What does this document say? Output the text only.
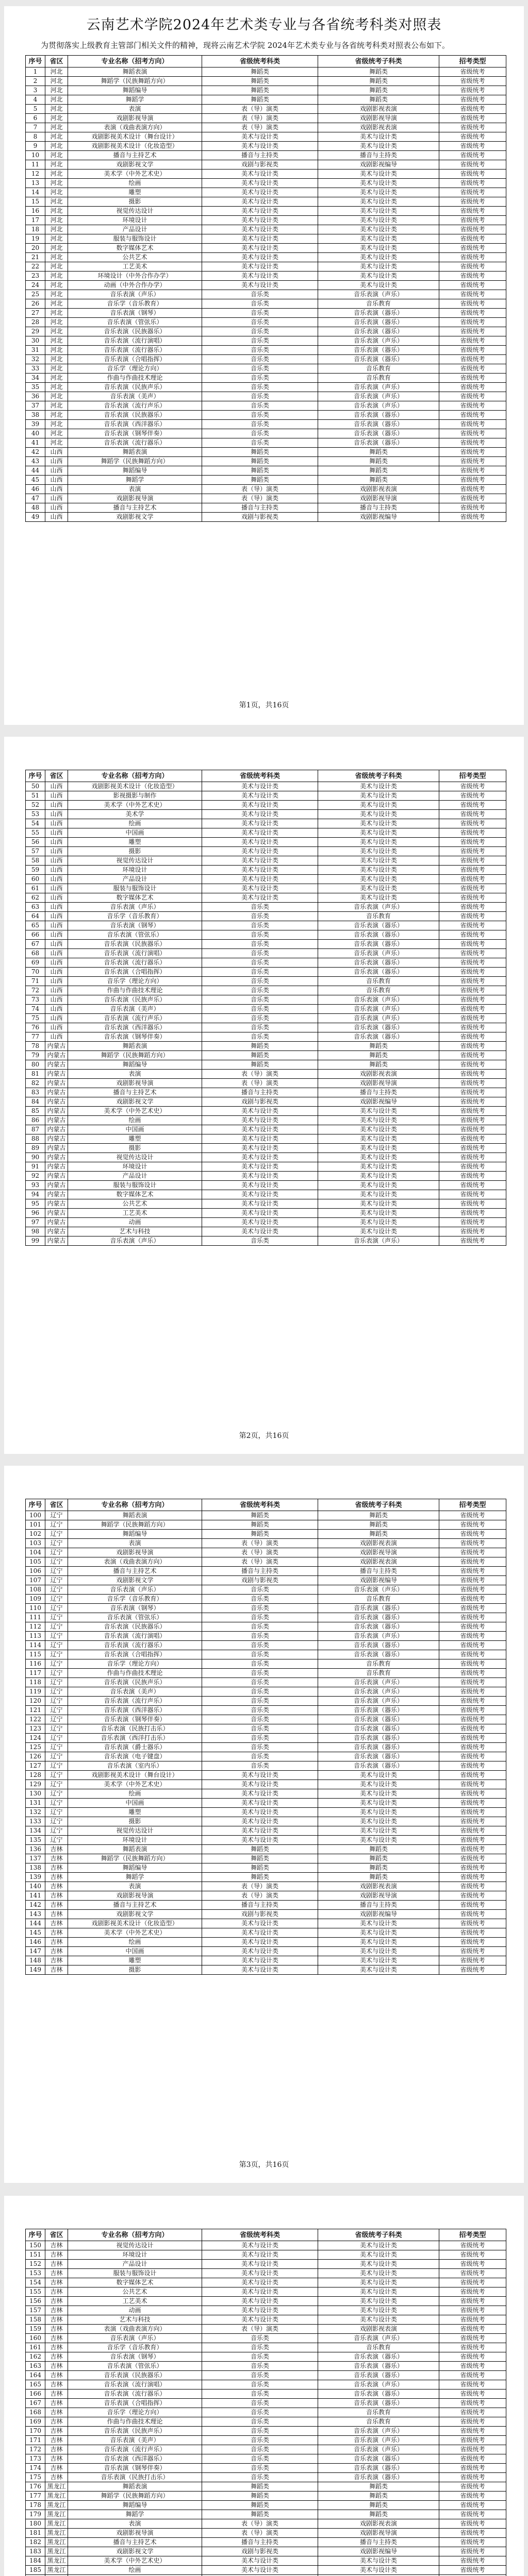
云南艺术学院2024年艺术类专业与各省统考科类对照表

为贯彻落实上级教育主管部门相关文件的精神，现将云南艺术学院 2024年艺术类专业与各省统考科类对照表公布如下。

序号	省区	专业名称（招考方向）	省级统考科类	省级统考子科类	招考类型
1	河北	舞蹈表演	舞蹈类	舞蹈类	省级统考
2	河北	舞蹈学（民族舞蹈方向）	舞蹈类	舞蹈类	省级统考
3	河北	舞蹈编导	舞蹈类	舞蹈类	省级统考
4	河北	舞蹈学	舞蹈类	舞蹈类	省级统考
5	河北	表演	表（导）演类	戏剧影视表演	省级统考
6	河北	戏剧影视导演	表（导）演类	戏剧影视导演	省级统考
7	河北	表演（戏曲表演方向）	表（导）演类	戏剧影视表演	省级统考
8	河北	戏剧影视美术设计（舞台设计）	美术与设计类	美术与设计类	省级统考
9	河北	戏剧影视美术设计（化妆造型）	美术与设计类	美术与设计类	省级统考
10	河北	播音与主持艺术	播音与主持类	播音与主持类	省级统考
11	河北	戏剧影视文学	戏剧与影视类	戏剧影视编导	省级统考
12	河北	美术学（中外艺术史）	美术与设计类	美术与设计类	省级统考
13	河北	绘画	美术与设计类	美术与设计类	省级统考
14	河北	雕塑	美术与设计类	美术与设计类	省级统考
15	河北	摄影	美术与设计类	美术与设计类	省级统考
16	河北	视觉传达设计	美术与设计类	美术与设计类	省级统考
17	河北	环境设计	美术与设计类	美术与设计类	省级统考
18	河北	产品设计	美术与设计类	美术与设计类	省级统考
19	河北	服装与服饰设计	美术与设计类	美术与设计类	省级统考
20	河北	数字媒体艺术	美术与设计类	美术与设计类	省级统考
21	河北	公共艺术	美术与设计类	美术与设计类	省级统考
22	河北	工艺美术	美术与设计类	美术与设计类	省级统考
23	河北	环境设计（中外合作办学）	美术与设计类	美术与设计类	省级统考
24	河北	动画（中外合作办学）	美术与设计类	美术与设计类	省级统考
25	河北	音乐表演（声乐）	音乐类	音乐表演（声乐）	省级统考
26	河北	音乐学（音乐教育）	音乐类	音乐教育	省级统考
27	河北	音乐表演（钢琴）	音乐类	音乐表演（器乐）	省级统考
28	河北	音乐表演（管弦乐）	音乐类	音乐表演（器乐）	省级统考
29	河北	音乐表演（民族器乐）	音乐类	音乐表演（器乐）	省级统考
30	河北	音乐表演（流行演唱）	音乐类	音乐表演（声乐）	省级统考
31	河北	音乐表演（流行器乐）	音乐类	音乐表演（器乐）	省级统考
32	河北	音乐表演（合唱指挥）	音乐类	音乐表演（器乐）	省级统考
33	河北	音乐学（理论方向）	音乐类	音乐教育	省级统考
34	河北	作曲与作曲技术理论	音乐类	音乐教育	省级统考
35	河北	音乐表演（民族声乐）	音乐类	音乐表演（声乐）	省级统考
36	河北	音乐表演（美声）	音乐类	音乐表演（声乐）	省级统考
37	河北	音乐表演（流行声乐）	音乐类	音乐表演（声乐）	省级统考
38	河北	音乐表演（民族器乐）	音乐类	音乐表演（器乐）	省级统考
39	河北	音乐表演（西洋器乐）	音乐类	音乐表演（器乐）	省级统考
40	河北	音乐表演（钢琴伴奏）	音乐类	音乐表演（器乐）	省级统考
41	河北	音乐表演（流行器乐）	音乐类	音乐表演（器乐）	省级统考
42	山西	舞蹈表演	舞蹈类	舞蹈类	省级统考
43	山西	舞蹈学（民族舞蹈方向）	舞蹈类	舞蹈类	省级统考
44	山西	舞蹈编导	舞蹈类	舞蹈类	省级统考
45	山西	舞蹈学	舞蹈类	舞蹈类	省级统考
46	山西	表演	表（导）演类	戏剧影视表演	省级统考
47	山西	戏剧影视导演	表（导）演类	戏剧影视导演	省级统考
48	山西	播音与主持艺术	播音与主持类	播音与主持类	省级统考
49	山西	戏剧影视文学	戏剧与影视类	戏剧影视编导	省级统考
第1页，共16页
序号	省区	专业名称（招考方向）	省级统考科类	省级统考子科类	招考类型
50	山西	戏剧影视美术设计（化妆造型）	美术与设计类	美术与设计类	省级统考
51	山西	影视摄影与制作	美术与设计类	美术与设计类	省级统考
52	山西	美术学（中外艺术史）	美术与设计类	美术与设计类	省级统考
53	山西	美术学	美术与设计类	美术与设计类	省级统考
54	山西	绘画	美术与设计类	美术与设计类	省级统考
55	山西	中国画	美术与设计类	美术与设计类	省级统考
56	山西	雕塑	美术与设计类	美术与设计类	省级统考
57	山西	摄影	美术与设计类	美术与设计类	省级统考
58	山西	视觉传达设计	美术与设计类	美术与设计类	省级统考
59	山西	环境设计	美术与设计类	美术与设计类	省级统考
60	山西	产品设计	美术与设计类	美术与设计类	省级统考
61	山西	服装与服饰设计	美术与设计类	美术与设计类	省级统考
62	山西	数字媒体艺术	美术与设计类	美术与设计类	省级统考
63	山西	音乐表演（声乐）	音乐类	音乐表演（声乐）	省级统考
64	山西	音乐学（音乐教育）	音乐类	音乐教育	省级统考
65	山西	音乐表演（钢琴）	音乐类	音乐表演（器乐）	省级统考
66	山西	音乐表演（管弦乐）	音乐类	音乐表演（器乐）	省级统考
67	山西	音乐表演（民族器乐）	音乐类	音乐表演（器乐）	省级统考
68	山西	音乐表演（流行演唱）	音乐类	音乐表演（声乐）	省级统考
69	山西	音乐表演（流行器乐）	音乐类	音乐表演（器乐）	省级统考
70	山西	音乐表演（合唱指挥）	音乐类	音乐表演（器乐）	省级统考
71	山西	音乐学（理论方向）	音乐类	音乐教育	省级统考
72	山西	作曲与作曲技术理论	音乐类	音乐教育	省级统考
73	山西	音乐表演（民族声乐）	音乐类	音乐表演（声乐）	省级统考
74	山西	音乐表演（美声）	音乐类	音乐表演（声乐）	省级统考
75	山西	音乐表演（流行声乐）	音乐类	音乐表演（声乐）	省级统考
76	山西	音乐表演（西洋器乐）	音乐类	音乐表演（器乐）	省级统考
77	山西	音乐表演（钢琴伴奏）	音乐类	音乐表演（器乐）	省级统考
78	内蒙古	舞蹈表演	舞蹈类	舞蹈类	省级统考
79	内蒙古	舞蹈学（民族舞蹈方向）	舞蹈类	舞蹈类	省级统考
80	内蒙古	舞蹈编导	舞蹈类	舞蹈类	省级统考
81	内蒙古	表演	表（导）演类	戏剧影视表演	省级统考
82	内蒙古	戏剧影视导演	表（导）演类	戏剧影视导演	省级统考
83	内蒙古	播音与主持艺术	播音与主持类	播音与主持类	省级统考
84	内蒙古	戏剧影视文学	戏剧与影视类	戏剧影视编导	省级统考
85	内蒙古	美术学（中外艺术史）	美术与设计类	美术与设计类	省级统考
86	内蒙古	绘画	美术与设计类	美术与设计类	省级统考
87	内蒙古	中国画	美术与设计类	美术与设计类	省级统考
88	内蒙古	雕塑	美术与设计类	美术与设计类	省级统考
89	内蒙古	摄影	美术与设计类	美术与设计类	省级统考
90	内蒙古	视觉传达设计	美术与设计类	美术与设计类	省级统考
91	内蒙古	环境设计	美术与设计类	美术与设计类	省级统考
92	内蒙古	产品设计	美术与设计类	美术与设计类	省级统考
93	内蒙古	服装与服饰设计	美术与设计类	美术与设计类	省级统考
94	内蒙古	数字媒体艺术	美术与设计类	美术与设计类	省级统考
95	内蒙古	公共艺术	美术与设计类	美术与设计类	省级统考
96	内蒙古	工艺美术	美术与设计类	美术与设计类	省级统考
97	内蒙古	动画	美术与设计类	美术与设计类	省级统考
98	内蒙古	艺术与科技	美术与设计类	美术与设计类	省级统考
99	内蒙古	音乐表演（声乐）	音乐类	音乐表演（声乐）	省级统考
第2页，共16页
序号	省区	专业名称（招考方向）	省级统考科类	省级统考子科类	招考类型
100	辽宁	舞蹈表演	舞蹈类	舞蹈类	省级统考
101	辽宁	舞蹈学（民族舞蹈方向）	舞蹈类	舞蹈类	省级统考
102	辽宁	舞蹈编导	舞蹈类	舞蹈类	省级统考
103	辽宁	表演	表（导）演类	戏剧影视表演	省级统考
104	辽宁	戏剧影视导演	表（导）演类	戏剧影视导演	省级统考
105	辽宁	表演（戏曲表演方向）	表（导）演类	戏剧影视表演	省级统考
106	辽宁	播音与主持艺术	播音与主持类	播音与主持类	省级统考
107	辽宁	戏剧影视文学	戏剧与影视类	戏剧影视编导	省级统考
108	辽宁	音乐表演（声乐）	音乐类	音乐表演（声乐）	省级统考
109	辽宁	音乐学（音乐教育）	音乐类	音乐教育	省级统考
110	辽宁	音乐表演（钢琴）	音乐类	音乐表演（器乐）	省级统考
111	辽宁	音乐表演（管弦乐）	音乐类	音乐表演（器乐）	省级统考
112	辽宁	音乐表演（民族器乐）	音乐类	音乐表演（器乐）	省级统考
113	辽宁	音乐表演（流行演唱）	音乐类	音乐表演（声乐）	省级统考
114	辽宁	音乐表演（流行器乐）	音乐类	音乐表演（器乐）	省级统考
115	辽宁	音乐表演（合唱指挥）	音乐类	音乐表演（器乐）	省级统考
116	辽宁	音乐学（理论方向）	音乐类	音乐教育	省级统考
117	辽宁	作曲与作曲技术理论	音乐类	音乐教育	省级统考
118	辽宁	音乐表演（民族声乐）	音乐类	音乐表演（声乐）	省级统考
119	辽宁	音乐表演（美声）	音乐类	音乐表演（声乐）	省级统考
120	辽宁	音乐表演（流行声乐）	音乐类	音乐表演（声乐）	省级统考
121	辽宁	音乐表演（西洋器乐）	音乐类	音乐表演（器乐）	省级统考
122	辽宁	音乐表演（钢琴伴奏）	音乐类	音乐表演（器乐）	省级统考
123	辽宁	音乐表演（民族打击乐）	音乐类	音乐表演（器乐）	省级统考
124	辽宁	音乐表演（西洋打击乐）	音乐类	音乐表演（器乐）	省级统考
125	辽宁	音乐表演（爵士器乐）	音乐类	音乐表演（器乐）	省级统考
126	辽宁	音乐表演（电子键盘）	音乐类	音乐表演（器乐）	省级统考
127	辽宁	音乐表演（室内乐）	音乐类	音乐表演（器乐）	省级统考
128	辽宁	戏剧影视美术设计（舞台设计）	美术与设计类	美术与设计类	省级统考
129	辽宁	美术学（中外艺术史）	美术与设计类	美术与设计类	省级统考
130	辽宁	绘画	美术与设计类	美术与设计类	省级统考
131	辽宁	中国画	美术与设计类	美术与设计类	省级统考
132	辽宁	雕塑	美术与设计类	美术与设计类	省级统考
133	辽宁	摄影	美术与设计类	美术与设计类	省级统考
134	辽宁	视觉传达设计	美术与设计类	美术与设计类	省级统考
135	辽宁	环境设计	美术与设计类	美术与设计类	省级统考
136	吉林	舞蹈表演	舞蹈类	舞蹈类	省级统考
137	吉林	舞蹈学（民族舞蹈方向）	舞蹈类	舞蹈类	省级统考
138	吉林	舞蹈编导	舞蹈类	舞蹈类	省级统考
139	吉林	舞蹈学	舞蹈类	舞蹈类	省级统考
140	吉林	表演	表（导）演类	戏剧影视表演	省级统考
141	吉林	戏剧影视导演	表（导）演类	戏剧影视导演	省级统考
142	吉林	播音与主持艺术	播音与主持类	播音与主持类	省级统考
143	吉林	戏剧影视文学	戏剧与影视类	戏剧影视编导	省级统考
144	吉林	戏剧影视美术设计（化妆造型）	美术与设计类	美术与设计类	省级统考
145	吉林	美术学（中外艺术史）	美术与设计类	美术与设计类	省级统考
146	吉林	绘画	美术与设计类	美术与设计类	省级统考
147	吉林	中国画	美术与设计类	美术与设计类	省级统考
148	吉林	雕塑	美术与设计类	美术与设计类	省级统考
149	吉林	摄影	美术与设计类	美术与设计类	省级统考
第3页，共16页
序号	省区	专业名称（招考方向）	省级统考科类	省级统考子科类	招考类型
150	吉林	视觉传达设计	美术与设计类	美术与设计类	省级统考
151	吉林	环境设计	美术与设计类	美术与设计类	省级统考
152	吉林	产品设计	美术与设计类	美术与设计类	省级统考
153	吉林	服装与服饰设计	美术与设计类	美术与设计类	省级统考
154	吉林	数字媒体艺术	美术与设计类	美术与设计类	省级统考
155	吉林	公共艺术	美术与设计类	美术与设计类	省级统考
156	吉林	工艺美术	美术与设计类	美术与设计类	省级统考
157	吉林	动画	美术与设计类	美术与设计类	省级统考
158	吉林	艺术与科技	美术与设计类	美术与设计类	省级统考
159	吉林	表演（戏曲表演方向）	表（导）演类	戏剧影视表演	省级统考
160	吉林	音乐表演（声乐）	音乐类	音乐表演（声乐）	省级统考
161	吉林	音乐学（音乐教育）	音乐类	音乐教育	省级统考
162	吉林	音乐表演（钢琴）	音乐类	音乐表演（器乐）	省级统考
163	吉林	音乐表演（管弦乐）	音乐类	音乐表演（器乐）	省级统考
164	吉林	音乐表演（民族器乐）	音乐类	音乐表演（器乐）	省级统考
165	吉林	音乐表演（流行演唱）	音乐类	音乐表演（声乐）	省级统考
166	吉林	音乐表演（流行器乐）	音乐类	音乐表演（器乐）	省级统考
167	吉林	音乐表演（合唱指挥）	音乐类	音乐表演（器乐）	省级统考
168	吉林	音乐学（理论方向）	音乐类	音乐教育	省级统考
169	吉林	作曲与作曲技术理论	音乐类	音乐教育	省级统考
170	吉林	音乐表演（民族声乐）	音乐类	音乐表演（声乐）	省级统考
171	吉林	音乐表演（美声）	音乐类	音乐表演（声乐）	省级统考
172	吉林	音乐表演（流行声乐）	音乐类	音乐表演（声乐）	省级统考
173	吉林	音乐表演（西洋器乐）	音乐类	音乐表演（器乐）	省级统考
174	吉林	音乐表演（钢琴伴奏）	音乐类	音乐表演（器乐）	省级统考
175	吉林	音乐表演（民族打击乐）	音乐类	音乐表演（器乐）	省级统考
176	黑龙江	舞蹈表演	舞蹈类	舞蹈类	省级统考
177	黑龙江	舞蹈学（民族舞蹈方向）	舞蹈类	舞蹈类	省级统考
178	黑龙江	舞蹈编导	舞蹈类	舞蹈类	省级统考
179	黑龙江	舞蹈学	舞蹈类	舞蹈类	省级统考
180	黑龙江	表演	表（导）演类	戏剧影视表演	省级统考
181	黑龙江	戏剧影视导演	表（导）演类	戏剧影视导演	省级统考
182	黑龙江	播音与主持艺术	播音与主持类	播音与主持类	省级统考
183	黑龙江	戏剧影视文学	戏剧与影视类	戏剧影视编导	省级统考
184	黑龙江	美术学（中外艺术史）	美术与设计类	美术与设计类	省级统考
185	黑龙江	绘画	美术与设计类	美术与设计类	省级统考
